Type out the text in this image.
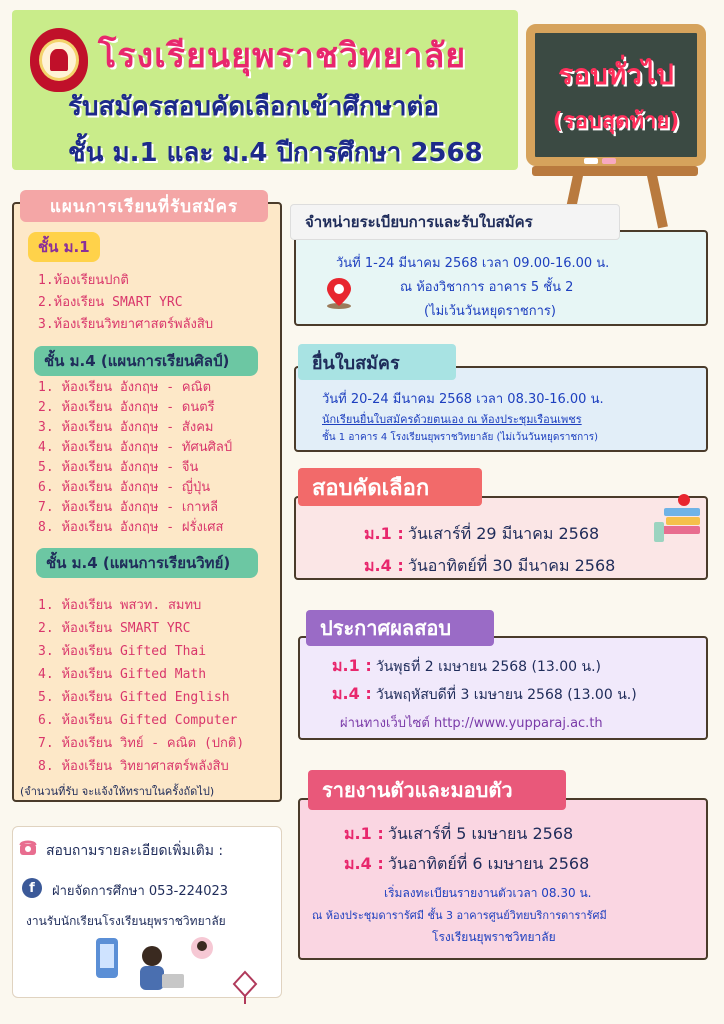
โรงเรียนยุพราชวิทยาลัย
รับสมัครสอบคัดเลือกเข้าศึกษาต่อ
ชั้น ม.1 และ ม.4 ปีการศึกษา 2568
รอบทั่วไป
(รอบสุดท้าย)
แผนการเรียนที่รับสมัคร
ชั้น ม.1
1.ห้องเรียนปกติ
2.ห้องเรียน SMART YRC
3.ห้องเรียนวิทยาศาสตร์พลังสิบ
ชั้น ม.4 (แผนการเรียนศิลป์)
1. ห้องเรียน อังกฤษ - คณิต
2. ห้องเรียน อังกฤษ - ดนตรี
3. ห้องเรียน อังกฤษ - สังคม
4. ห้องเรียน อังกฤษ - ทัศนศิลป์
5. ห้องเรียน อังกฤษ - จีน
6. ห้องเรียน อังกฤษ - ญี่ปุ่น
7. ห้องเรียน อังกฤษ - เกาหลี
8. ห้องเรียน อังกฤษ - ฝรั่งเศส
ชั้น ม.4 (แผนการเรียนวิทย์)
1. ห้องเรียน พสวท. สมทบ
2. ห้องเรียน SMART YRC
3. ห้องเรียน Gifted Thai
4. ห้องเรียน Gifted Math
5. ห้องเรียน Gifted English
6. ห้องเรียน Gifted Computer
7. ห้องเรียน วิทย์ - คณิต (ปกติ)
8. ห้องเรียน วิทยาศาสตร์พลังสิบ
(จำนวนที่รับ จะแจ้งให้ทราบในครั้งถัดไป)
จำหน่ายระเบียบการและรับใบสมัคร
วันที่ 1-24 มีนาคม 2568 เวลา 09.00-16.00 น.
ณ ห้องวิชาการ อาคาร 5 ชั้น 2
(ไม่เว้นวันหยุดราชการ)
ยื่นใบสมัคร
วันที่ 20-24 มีนาคม 2568 เวลา 08.30-16.00 น.
นักเรียนยื่นใบสมัครด้วยตนเอง ณ ห้องประชุมเรือนเพชร
ชั้น 1 อาคาร 4 โรงเรียนยุพราชวิทยาลัย (ไม่เว้นวันหยุดราชการ)
สอบคัดเลือก
ม.1 : วันเสาร์ที่ 29 มีนาคม 2568
ม.4 : วันอาทิตย์ที่ 30 มีนาคม 2568
ประกาศผลสอบ
ม.1 : วันพุธที่ 2 เมษายน 2568 (13.00 น.)
ม.4 : วันพฤหัสบดีที่ 3 เมษายน 2568 (13.00 น.)
ผ่านทางเว็บไซต์ http://www.yupparaj.ac.th
รายงานตัวและมอบตัว
ม.1 : วันเสาร์ที่ 5 เมษายน 2568
ม.4 : วันอาทิตย์ที่ 6 เมษายน 2568
เริ่มลงทะเบียนรายงานตัวเวลา 08.30 น.
ณ ห้องประชุมดารารัศมี ชั้น 3 อาคารศูนย์วิทยบริการดารารัศมี
โรงเรียนยุพราชวิทยาลัย
สอบถามรายละเอียดเพิ่มเติม :
f	ฝ่ายจัดการศึกษา 053-224023
งานรับนักเรียนโรงเรียนยุพราชวิทยาลัย
